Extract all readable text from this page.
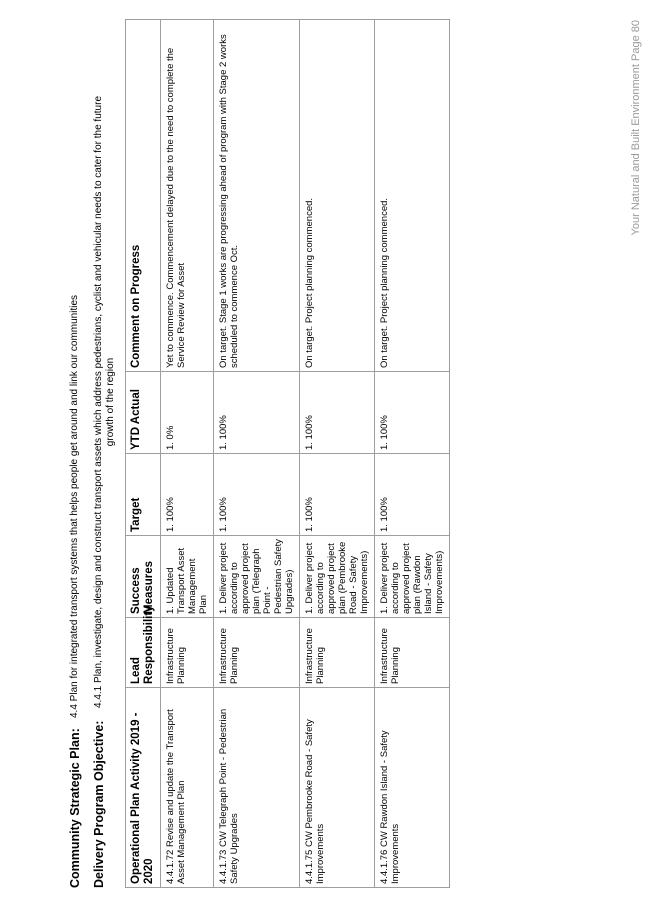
Your Natural and Built Environment Page 80
Community Strategic Plan:
4.4 Plan for integrated transport systems that helps people get around and link our communities
Delivery Program Objective:
4.4.1 Plan, investigate, design and construct transport assets which address pedestrians, cyclist and vehicular needs to cater for the future growth of the region
Operational Plan Activity 2019 - 2020	Lead Responsibility	Success Measures	Target	YTD Actual	Comment on Progress
4.4.1.72 Revise and update the Transport Asset Management Plan	Infrastructure Planning	1. Updated Transport Asset Management Plan	1. 100%	1. 0%	Yet to commence. Commencement delayed due to the need to complete the Service Review for Asset
4.4.1.73 CW Telegraph Point - Pedestrian Safety Upgrades	Infrastructure Planning	1. Deliver project according to approved project plan (Telegraph Point - Pedestrian Safety Upgrades)	1. 100%	1. 100%	On target. Stage 1 works are progressing ahead of program with Stage 2 works scheduled to commence Oct.
4.4.1.75 CW Pembrooke Road - Safety Improvements	Infrastructure Planning	1. Deliver project according to approved project plan (Pembrooke Road - Safety Improvements)	1. 100%	1. 100%	On target. Project planning commenced.
4.4.1.76 CW Rawdon Island - Safety Improvements	Infrastructure Planning	1. Deliver project according to approved project plan (Rawdon Island - Safety Improvements)	1. 100%	1. 100%	On target. Project planning commenced.
